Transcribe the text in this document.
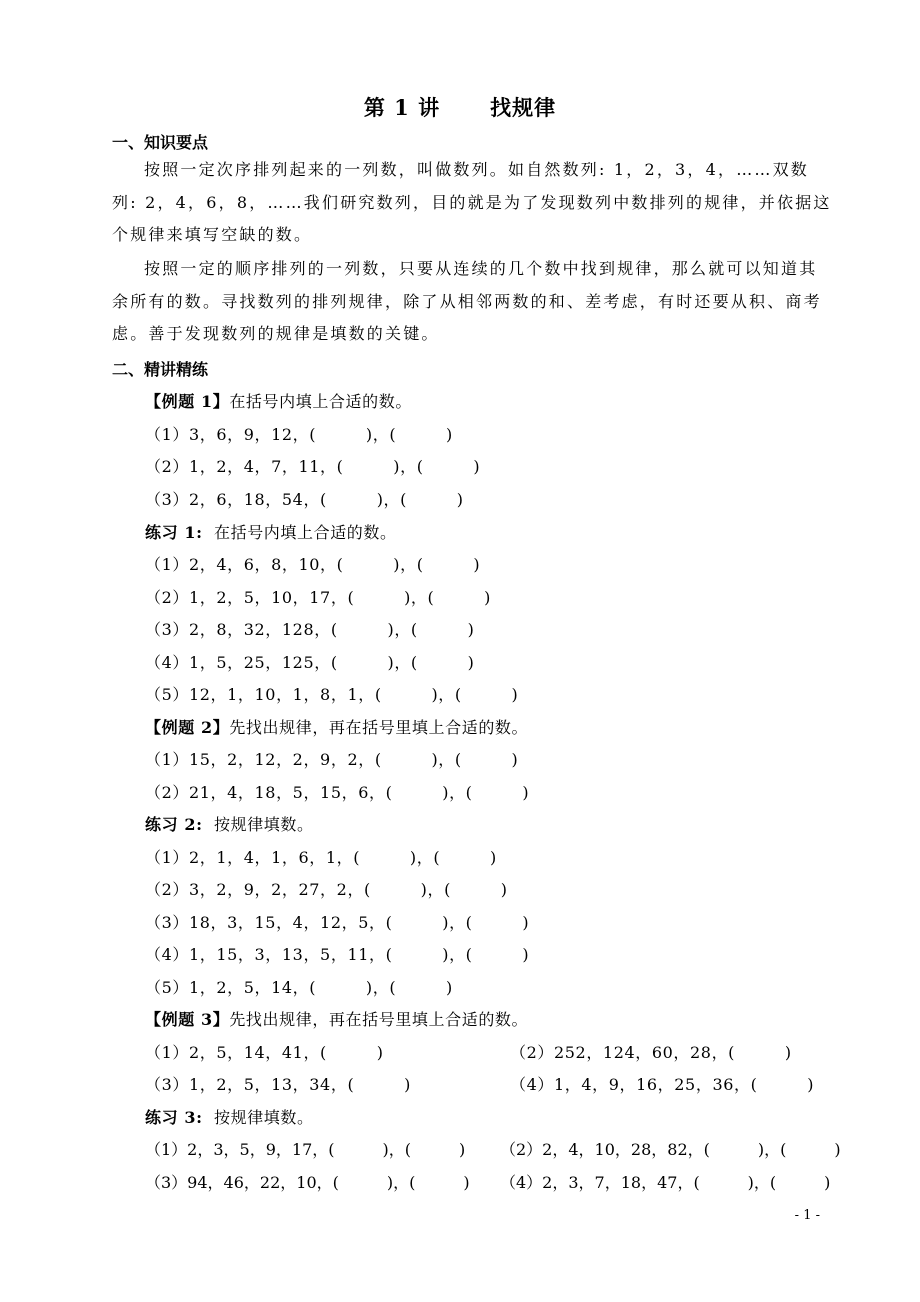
第 1 讲 找规律
一、知识要点
按照一定次序排列起来的一列数，叫做数列。如自然数列: 1，2，3，4，……双数列: 2，4，6，8，……我们研究数列，目的就是为了发现数列中数排列的规律，并依据这个规律来填写空缺的数。
按照一定的顺序排列的一列数，只要从连续的几个数中找到规律，那么就可以知道其余所有的数。寻找数列的排列规律，除了从相邻两数的和、差考虑，有时还要从积、商考虑。善于发现数列的规律是填数的关键。
二、精讲精练
【例题 1】在括号内填上合适的数。
（1）3，6，9，12，(　　　)，(　　　)
（2）1，2，4，7，11，(　　　)，(　　　)
（3）2，6，18，54，(　　　)，(　　　)
练习 1: 在括号内填上合适的数。
（1）2，4，6，8，10，(　　　)，(　　　)
（2）1，2，5，10，17，(　　　)，(　　　)
（3）2，8，32，128，(　　　)，(　　　)
（4）1，5，25，125，(　　　)，(　　　)
（5）12，1，10，1，8，1，(　　　)，(　　　)
【例题 2】先找出规律，再在括号里填上合适的数。
（1）15，2，12，2，9，2，(　　　)，(　　　)
（2）21，4，18，5，15，6，(　　　)，(　　　)
练习 2: 按规律填数。
（1）2，1，4，1，6，1，(　　　)，(　　　)
（2）3，2，9，2，27，2，(　　　)，(　　　)
（3）18，3，15，4，12，5，(　　　)，(　　　)
（4）1，15，3，13，5，11，(　　　)，(　　　)
（5）1，2，5，14，(　　　)，(　　　)
【例题 3】先找出规律，再在括号里填上合适的数。
（1）2，5，14，41，(　　　)	（2）252，124，60，28，(　　　)
（3）1，2，5，13，34，(　　　)	（4）1，4，9，16，25，36，(　　　)
练习 3: 按规律填数。
（1）2，3，5，9，17，(　　　)，(　　　) （2）2，4，10，28，82，(　　　)，(　　　)
（3）94，46，22，10，(　　　)，(　　　) （4）2，3，7，18，47，(　　　)，(　　　)
- 1 -
